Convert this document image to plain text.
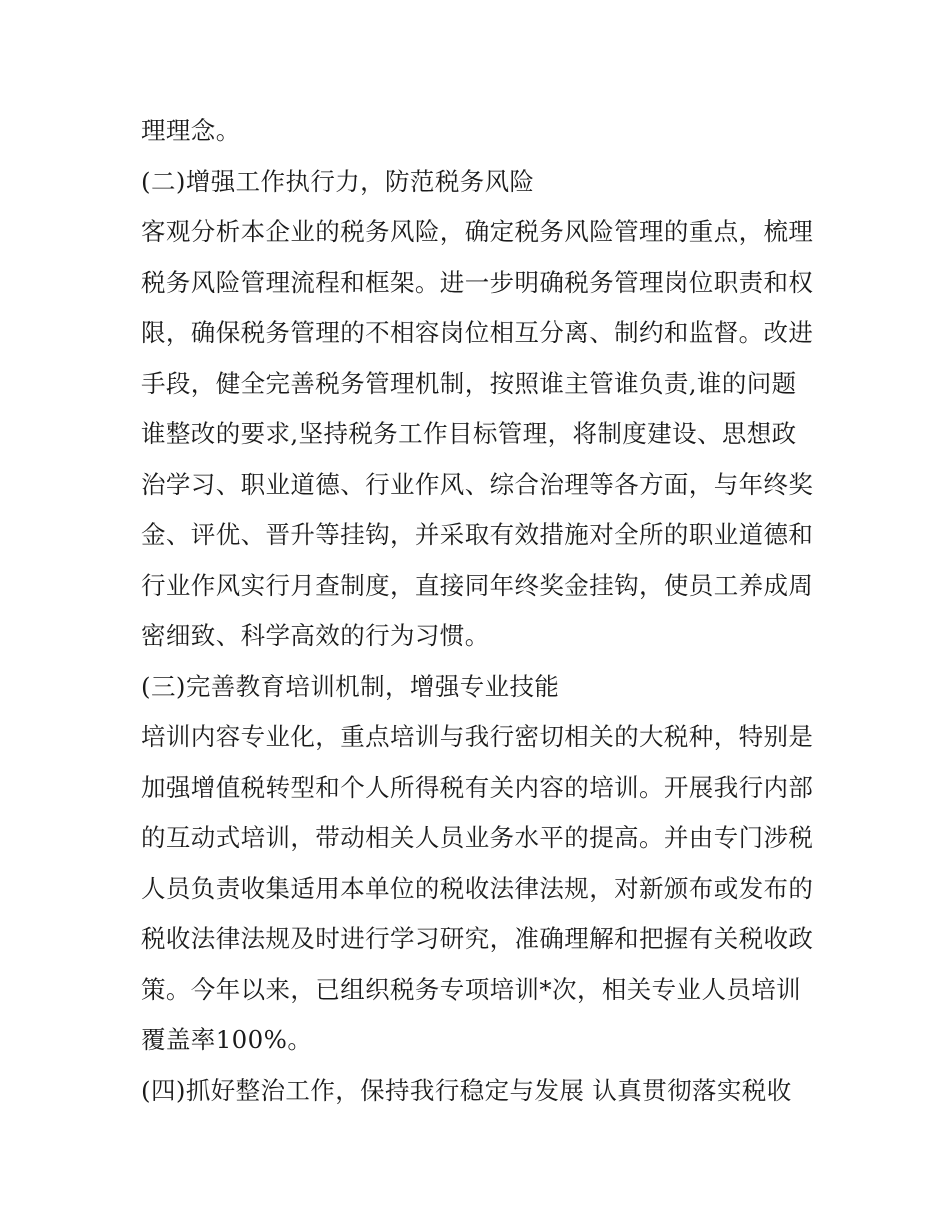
理理念。
(二)增强工作执行力，防范税务风险
客观分析本企业的税务风险，确定税务风险管理的重点，梳理
税务风险管理流程和框架。进一步明确税务管理岗位职责和权
限，确保税务管理的不相容岗位相互分离、制约和监督。改进
手段，健全完善税务管理机制，按照谁主管谁负责,谁的问题
谁整改的要求,坚持税务工作目标管理，将制度建设、思想政
治学习、职业道德、行业作风、综合治理等各方面，与年终奖
金、评优、晋升等挂钩，并采取有效措施对全所的职业道德和
行业作风实行月查制度，直接同年终奖金挂钩，使员工养成周
密细致、科学高效的行为习惯。
(三)完善教育培训机制，增强专业技能
培训内容专业化，重点培训与我行密切相关的大税种，特别是
加强增值税转型和个人所得税有关内容的培训。开展我行内部
的互动式培训，带动相关人员业务水平的提高。并由专门涉税
人员负责收集适用本单位的税收法律法规，对新颁布或发布的
税收法律法规及时进行学习研究，准确理解和把握有关税收政
策。今年以来，已组织税务专项培训*次，相关专业人员培训
覆盖率100%。
(四)抓好整治工作，保持我行稳定与发展 认真贯彻落实税收
